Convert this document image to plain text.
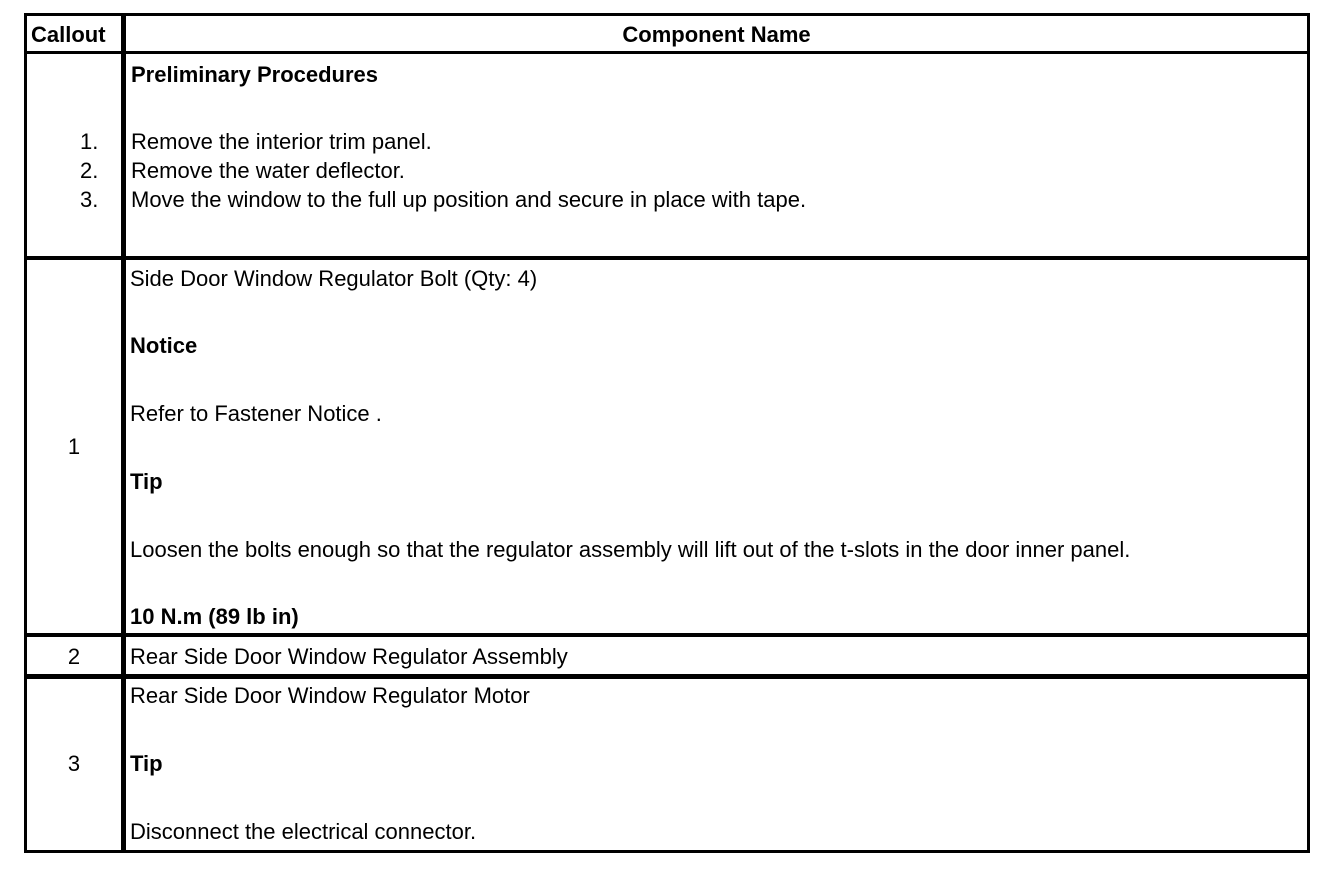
Callout	Component Name
Preliminary Procedures
1. Remove the interior trim panel.
2. Remove the water deflector.
3. Move the window to the full up position and secure in place with tape.
1
Side Door Window Regulator Bolt (Qty: 4)
Notice
Refer to Fastener Notice .
Tip
Loosen the bolts enough so that the regulator assembly will lift out of the t-slots in the door inner panel.
10 N.m (89 lb in)
2	Rear Side Door Window Regulator Assembly
3
Rear Side Door Window Regulator Motor
Tip
Disconnect the electrical connector.
